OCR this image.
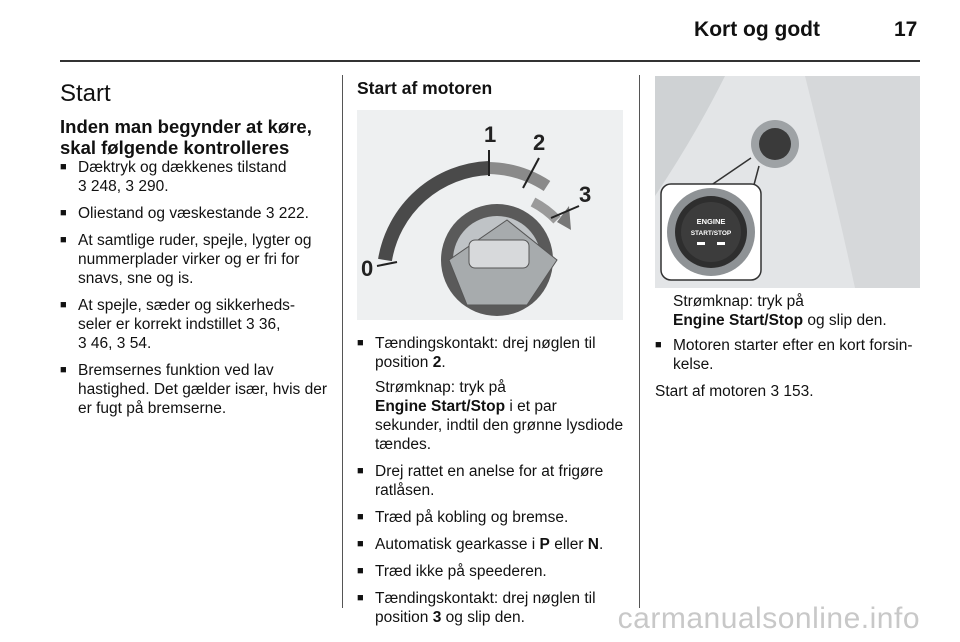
Kort og godt	17
Start
Inden man begynder at køre, skal følgende kontrolleres
■ Dæktryk og dækkenes tilstand
3 248, 3 290.
■ Oliestand og væskestande 3 222.
■ At samtlige ruder, spejle, lygter og nummerplader virker og er fri for snavs, sne og is.
■ At spejle, sæder og sikkerheds-seler er korrekt indstillet 3 36,
3 46, 3 54.
■ Bremsernes funktion ved lav hastighed. Det gælder især, hvis der er fugt på bremserne.
Start af motoren
1 2
3
0
■ Tændingskontakt: drej nøglen til position 2.
Strømknap: tryk på
Engine Start/Stop i et par sekunder, indtil den grønne lysdiode tændes.
■ Drej rattet en anelse for at frigøre ratlåsen.
■ Træd på kobling og bremse.
■ Automatisk gearkasse i P eller N.
■ Træd ikke på speederen.
■ Tændingskontakt: drej nøglen til position 3 og slip den.
ENGINE
START/STOP
Strømknap: tryk på
Engine Start/Stop og slip den.
■ Motoren starter efter en kort forsin-kelse.
Start af motoren 3 153.
carmanualsonline.info
